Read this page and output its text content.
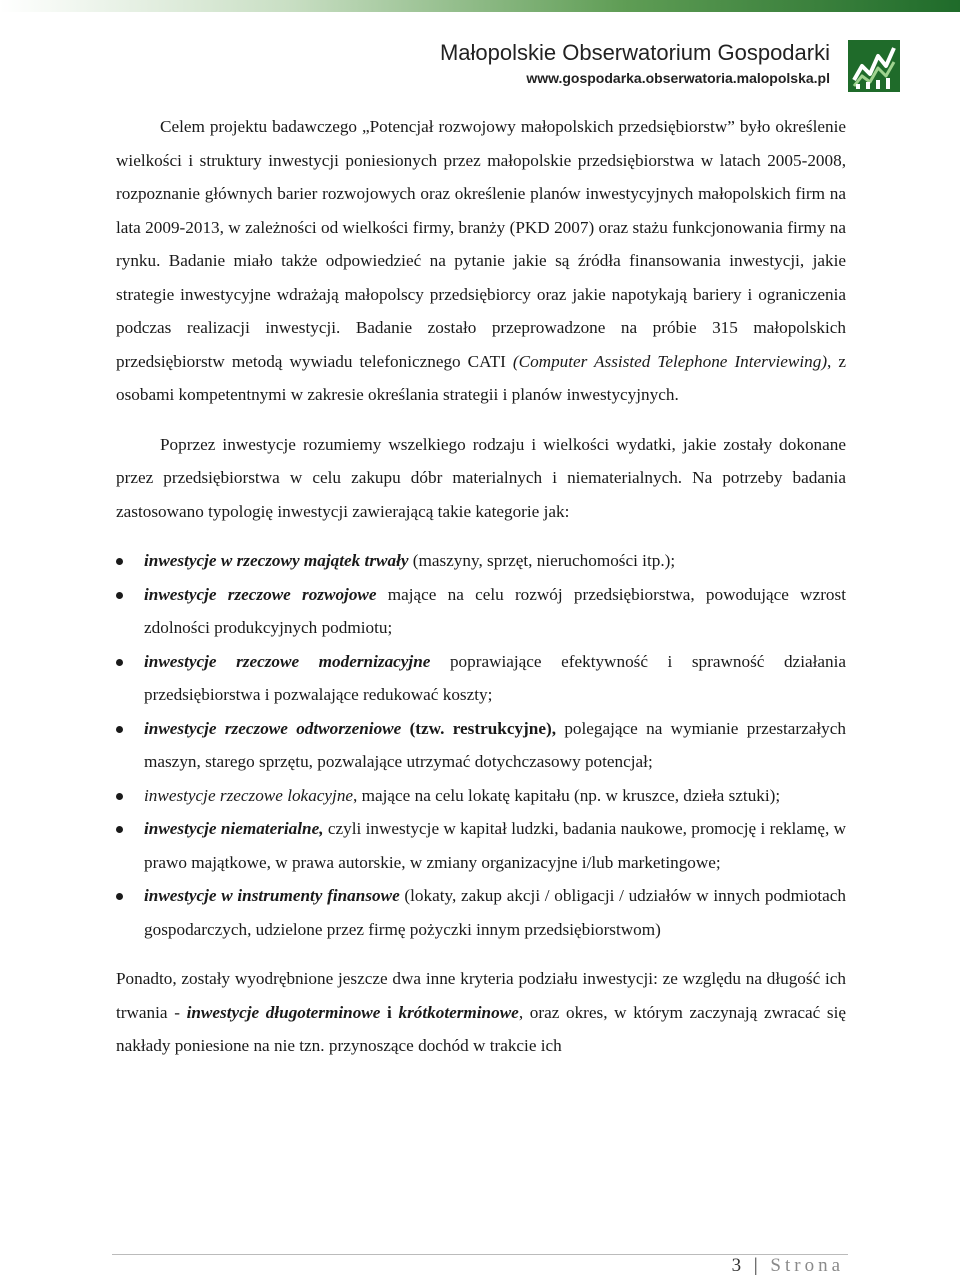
Małopolskie Obserwatorium Gospodarki
www.gospodarka.obserwatoria.malopolska.pl

Celem projektu badawczego „Potencjał rozwojowy małopolskich przedsiębiorstw” było określenie wielkości i struktury inwestycji poniesionych przez małopolskie przedsiębiorstwa w latach 2005-2008, rozpoznanie głównych barier rozwojowych oraz określenie planów inwestycyjnych małopolskich firm na lata 2009-2013, w zależności od wielkości firmy, branży (PKD 2007) oraz stażu funkcjonowania firmy na rynku. Badanie miało także odpowiedzieć na pytanie jakie są źródła finansowania inwestycji, jakie strategie inwestycyjne wdrażają małopolscy przedsiębiorcy oraz jakie napotykają bariery i ograniczenia podczas realizacji inwestycji. Badanie zostało przeprowadzone na próbie 315 małopolskich przedsiębiorstw metodą wywiadu telefonicznego CATI (Computer Assisted Telephone Interviewing), z osobami kompetentnymi w zakresie określania strategii i planów inwestycyjnych.

Poprzez inwestycje rozumiemy wszelkiego rodzaju i wielkości wydatki, jakie zostały dokonane przez przedsiębiorstwa w celu zakupu dóbr materialnych i niematerialnych. Na potrzeby badania zastosowano typologię inwestycji zawierającą takie kategorie jak:

inwestycje w rzeczowy majątek trwały (maszyny, sprzęt, nieruchomości itp.);
inwestycje rzeczowe rozwojowe mające na celu rozwój przedsiębiorstwa, powodujące wzrost zdolności produkcyjnych podmiotu;
inwestycje rzeczowe modernizacyjne poprawiające efektywność i sprawność działania przedsiębiorstwa i pozwalające redukować koszty;
inwestycje rzeczowe odtworzeniowe (tzw. restrukcyjne), polegające na wymianie przestarzałych maszyn, starego sprzętu, pozwalające utrzymać dotychczasowy potencjał;
inwestycje rzeczowe lokacyjne, mające na celu lokatę kapitału (np. w kruszce, dzieła sztuki);
inwestycje niematerialne, czyli inwestycje w kapitał ludzki, badania naukowe, promocję i reklamę, w prawo majątkowe, w prawa autorskie, w zmiany organizacyjne i/lub marketingowe;
inwestycje w instrumenty finansowe (lokaty, zakup akcji / obligacji / udziałów w innych podmiotach gospodarczych, udzielone przez firmę pożyczki innym przedsiębiorstwom)

Ponadto, zostały wyodrębnione jeszcze dwa inne kryteria podziału inwestycji: ze względu na długość ich trwania - inwestycje długoterminowe i krótkoterminowe, oraz okres, w którym zaczynają zwracać się nakłady poniesione na nie tzn. przynoszące dochód w trakcie ich

3 | Strona
